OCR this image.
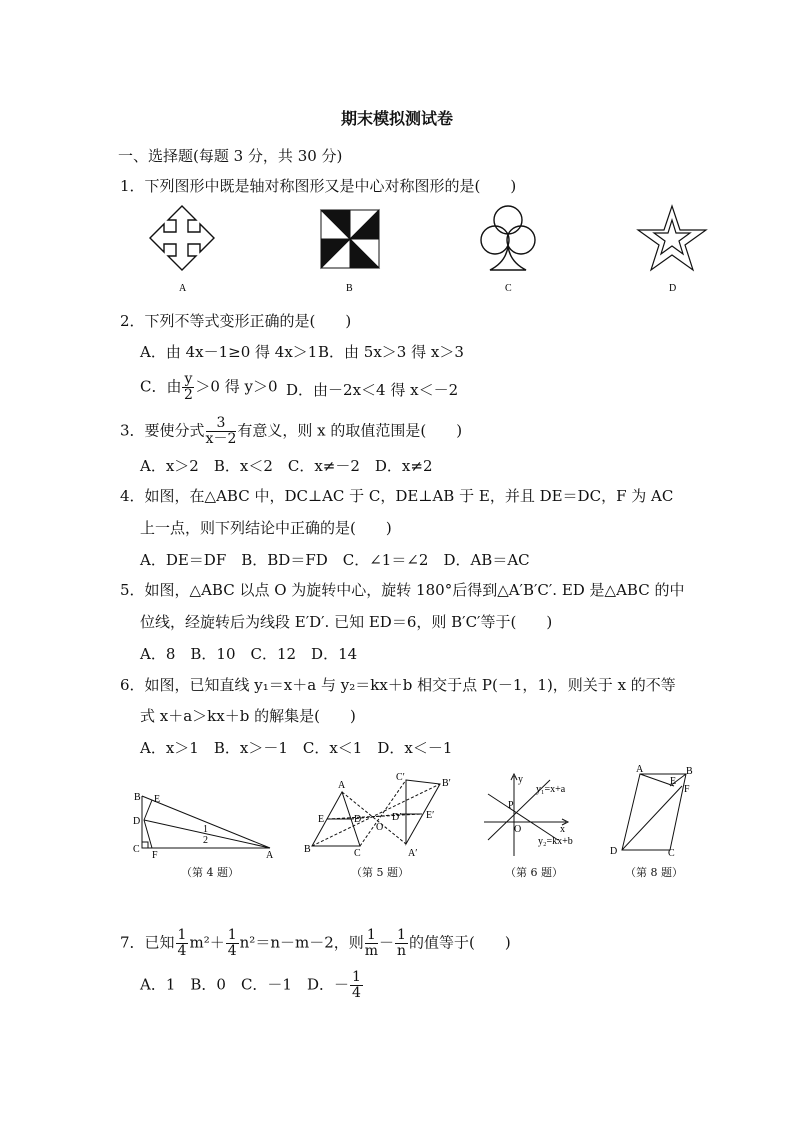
期末模拟测试卷
一、选择题(每题 3 分，共 30 分)
1．下列图形中既是轴对称图形又是中心对称图形的是(　　)
A	B	C	D
2．下列不等式变形正确的是(　　)
A．由 4x－1≥0 得 4x＞1 B．由 5x＞3 得 x＞3
C．由 $\frac{y}{2} >0$ 得 y＞0 D．由－2x＜4 得 x＜－2
3．要使分式 $\frac{3}{x-2}$ 有意义，则 x 的取值范围是(　　)
A．x＞2　B．x＜2　C．x≠－2　D．x≠2
4．如图，在△ABC 中，DC⊥AC 于 C，DE⊥AB 于 E，并且 DE＝DC，F 为 AC
上一点，则下列结论中正确的是(　　)
A．DE＝DF　B．BD＝FD　C．∠1＝∠2　D．AB＝AC
5．如图，△ABC 以点 O 为旋转中心，旋转 180°后得到△A′B′C′. ED 是△ABC 的中
位线，经旋转后为线段 E′D′. 已知 ED＝6，则 B′C′等于(　　)
A．8　B．10　C．12　D．14
6．如图，已知直线 y₁＝x＋a 与 y₂＝kx＋b 相交于点 P(－1，1)，则关于 x 的不等
式 x＋a＞kx＋b 的解集是(　　)
A．x＞1　B．x＞－1　C．x＜1　D．x＜－1
B E
D
C
F	A
1
2
（第 4 题）
A
E	D
B	C
O
C′
B′
D′ E′
A′
（第 5 题）
y
y₁=x+a
P
O	x
y₂=kx+b
（第 6 题）
A
E
B
F
D	C
（第 8 题）
7．已知 $\frac{1}{4} m^2+ \frac{1}{4} n^2=n-m-2$，则 $\frac{1}{m} - \frac{1}{n}$ 的值等于(　　)
A．1　B．0　C．－1　D．－ $\frac{1}{4}$
